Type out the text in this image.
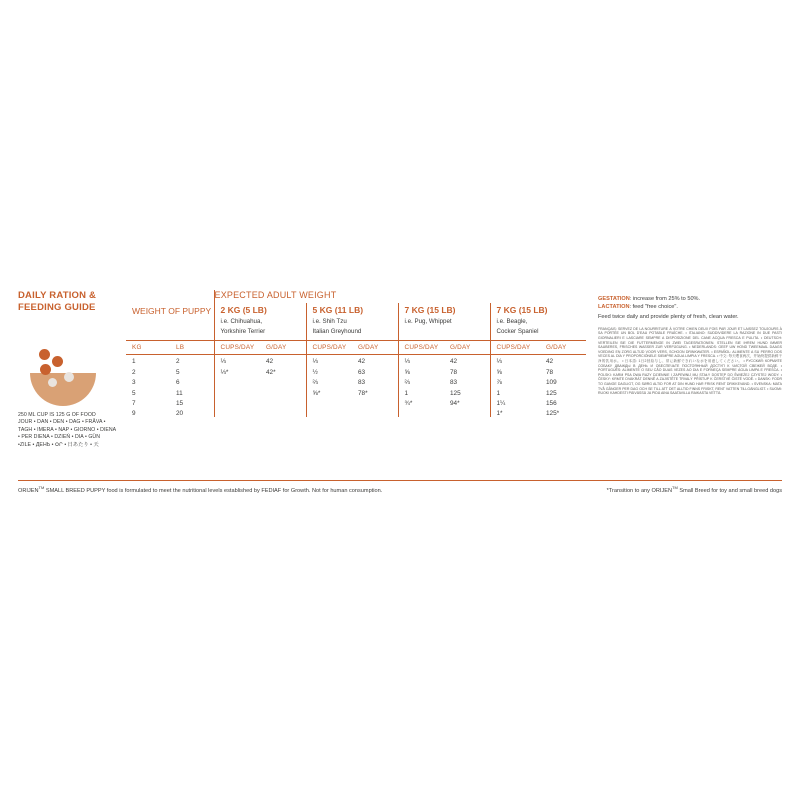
DAILY RATION & FEEDING GUIDE
250 ML CUP IS 125 G OF FOOD
JOUR • DAN • DEN • DAG • FRÅVA •
TAGH • IMERA • NAP • GIORNO • DIENA
• PER DIENA • DZIEŃ • DIA • GÜN
•ZILE • ДЕНЬ • ՕՐ • 日あたり • 天
		EXPECTED ADULT WEIGHT							
WEIGHT OF PUPPY		2 KG (5 LB)
i.e. Chihuahua,
Yorkshire Terrier		5 KG (11 LB)
i.e. Shih Tzu
Italian Greyhound		7 KG (15 LB)
i.e. Pug, Whippet		7 KG (15 LB)
i.e. Beagle,
Cocker Spaniel	

KG	LB	CUPS/DAY	G/DAY	CUPS/DAY	G/DAY	CUPS/DAY	G/DAY	CUPS/DAY	G/DAY
1	2	⅓	42	⅓	42	⅓	42	⅓	42
2	5	⅓*	42*	½	63	⅝	78	⅝	78
3	6			⅔	83	⅔	83	⅞	109
5	11			⅝*	78*	1	125	1	125
7	15					¾*	94*	1¼	156
9	20							1*	125*
GESTATION: increase from 25% to 50%.
LACTATION: feed "free choice".
Feed twice daily and provide plenty of fresh, clean water.
FRANÇAIS: SERVEZ DE LA NOURRITURE À VOTRE CHIEN DEUX FOIS PAR JOUR ET LAISSEZ TOUJOURS À SA PORTÉE UN BOL D'EAU POTABLE FRAÎCHE. • ITALIANO: SUDDIVIDERE LA RAZIONE IN DUE PASTI GIORNALIERI E LASCIARE SEMPRE A DISPOSIZIONE DEL CANE ACQUA FRESCA E PULITA. • DEUTSCH: VERTEILEN SIE DIE FUTTERMENGE IN ZWEI TAGESRATIONEN. STELLEN SIE IHREM HUND IMMER SAUBERES, FRISCHES WASSER ZUR VERFÜGUNG. • NEDERLANDS: GEEF UW HOND TWEEMAAL DAAGS VOEDING EN ZORG ALTIJD VOOR VERS, SCHOON DRINKWATER. • ESPAÑOL: ALIMENTE A SU PERRO DOS VECES AL DÍA Y PROPORCIÓNELE SIEMPRE AGUA LIMPIA Y FRESCA. • 中文: 每天喂食两次，并始终提供新鲜干净的饮用水。 • 日本語: 1日2回給与し、常に新鮮できれいな水を用意してください。 • РУССКИЙ: КОРМИТЕ СОБАКУ ДВАЖДЫ В ДЕНЬ И ОБЕСПЕЧЬТЕ ПОСТОЯННЫЙ ДОСТУП К ЧИСТОЙ СВЕЖЕЙ ВОДЕ. • PORTUGUÊS: ALIMENTE O SEU CÃO DUAS VEZES AO DIA E FORNEÇA SEMPRE ÁGUA LIMPA E FRESCA. • POLSKI: KARM PSA DWA RAZY DZIENNIE I ZAPEWNIJ MU STAŁY DOSTĘP DO ŚWIEŻEJ CZYSTEJ WODY. • ČESKY: KRMTE DVAKRÁT DENNĚ A ZAJISTĚTE TRVALÝ PŘÍSTUP K ČERSTVÉ ČISTÉ VODĚ. • DANSK: FODR TO GANGE DAGLIGT, OG SØRG ALTID FOR AT DIN HUND HAR FRISK RENT DRIKKEVAND. • SVENSKA: MATA TVÅ GÅNGER PER DAG OCH SE TILL ATT DET ALLTID FINNS FRISKT, RENT VATTEN TILLGÄNGLIGT. • SUOMI: RUOKI KAHDESTI PÄIVÄSSÄ JA PIDÄ AINA SAATAVILLA RAIKASTA VETTÄ.
ORIJEN™ SMALL BREED PUPPY food is formulated to meet the nutritional levels established by FEDIAF for Growth. Not for human consumption.	*Transition to any ORIJEN™ Small Breed for toy and small breed dogs
